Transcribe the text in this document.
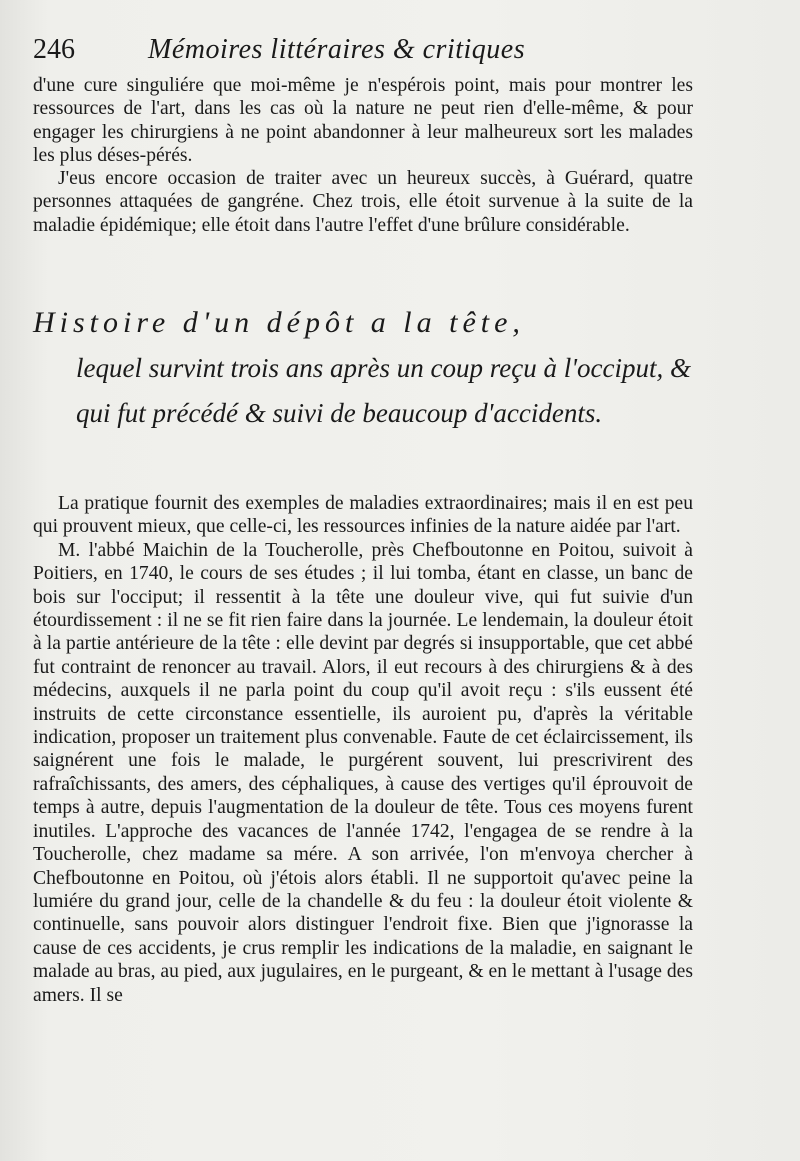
246	Mémoires littéraires & critiques

d'une cure singuliére que moi-même je n'espérois point, mais pour montrer les ressources de l'art, dans les cas où la nature ne peut rien d'elle-même, & pour engager les chirurgiens à ne point abandonner à leur malheureux sort les malades les plus déses-pérés.

J'eus encore occasion de traiter avec un heureux succès, à Guérard, quatre personnes attaquées de gangréne. Chez trois, elle étoit survenue à la suite de la maladie épidémique; elle étoit dans l'autre l'effet d'une brûlure considérable.

Histoire d'un dépôt a la tête,
lequel survint trois ans après un coup reçu à l'occiput, & qui fut précédé & suivi de beaucoup d'accidents.

La pratique fournit des exemples de maladies extraordinaires; mais il en est peu qui prouvent mieux, que celle-ci, les ressources infinies de la nature aidée par l'art.

M. l'abbé Maichin de la Toucherolle, près Chefboutonne en Poitou, suivoit à Poitiers, en 1740, le cours de ses études ; il lui tomba, étant en classe, un banc de bois sur l'occiput; il ressentit à la tête une douleur vive, qui fut suivie d'un étourdissement : il ne se fit rien faire dans la journée. Le lendemain, la douleur étoit à la partie antérieure de la tête : elle devint par degrés si insupportable, que cet abbé fut contraint de renoncer au travail. Alors, il eut recours à des chirurgiens & à des médecins, auxquels il ne parla point du coup qu'il avoit reçu : s'ils eussent été instruits de cette circonstance essentielle, ils auroient pu, d'après la véritable indication, proposer un traitement plus convenable. Faute de cet éclaircissement, ils saignérent une fois le malade, le purgérent souvent, lui prescrivirent des rafraîchissants, des amers, des céphaliques, à cause des vertiges qu'il éprouvoit de temps à autre, depuis l'augmentation de la douleur de tête. Tous ces moyens furent inutiles. L'approche des vacances de l'année 1742, l'engagea de se rendre à la Toucherolle, chez madame sa mére. A son arrivée, l'on m'envoya chercher à Chefboutonne en Poitou, où j'étois alors établi. Il ne supportoit qu'avec peine la lumiére du grand jour, celle de la chandelle & du feu : la douleur étoit violente & continuelle, sans pouvoir alors distinguer l'endroit fixe. Bien que j'ignorasse la cause de ces accidents, je crus remplir les indications de la maladie, en saignant le malade au bras, au pied, aux jugulaires, en le purgeant, & en le mettant à l'usage des amers. Il se
